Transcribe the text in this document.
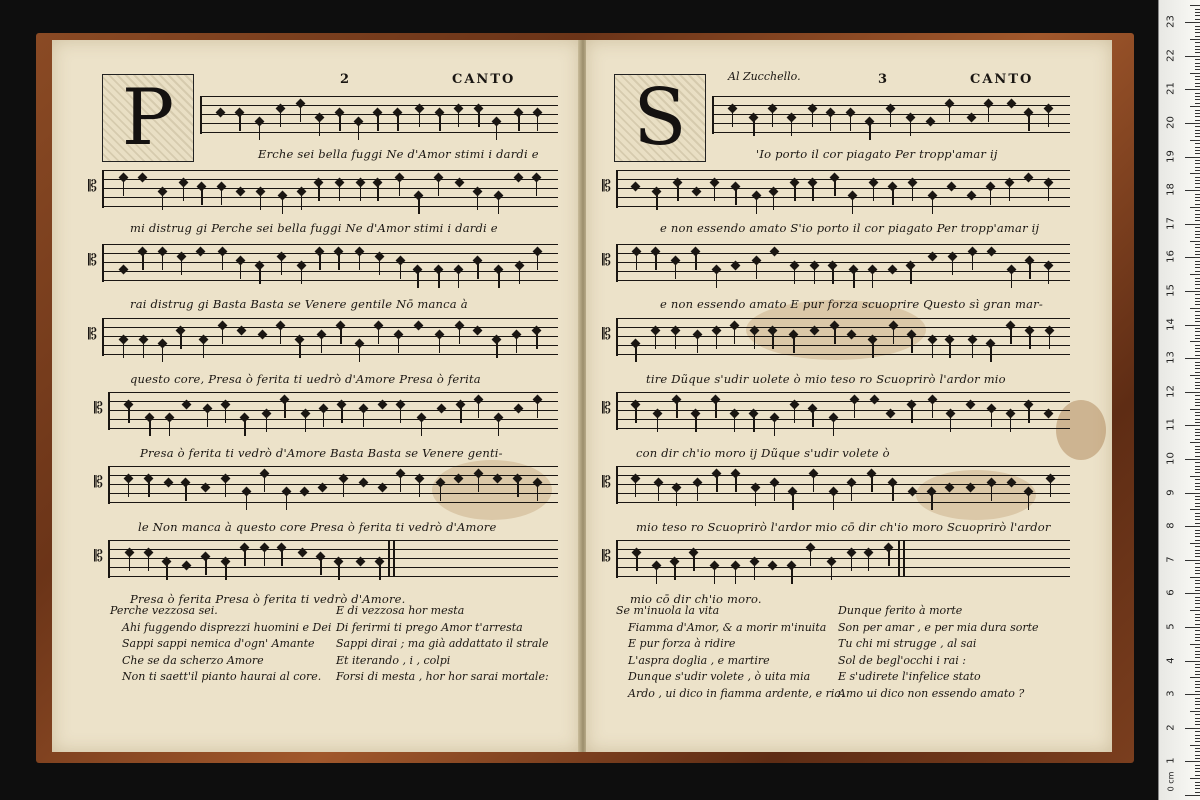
2	CANTO	Al Zucchello.	3	CANTO
P	S
𝄡
𝄡
𝄡
𝄡
𝄡
𝄡
𝄡
𝄡
𝄡
𝄡
𝄡
𝄡
Erche sei bella fuggi Ne d'Amor stimi i dardi e
mi distrug gi Perche sei bella fuggi Ne d'Amor stimi i dardi e
rai distrug gi Basta Basta se Venere gentile Nō manca à
questo core, Presa ò ferita ti uedrò d'Amore Presa ò ferita
Presa ò ferita ti vedrò d'Amore Basta Basta se Venere genti-
le Non manca à questo core Presa ò ferita ti vedrò d'Amore
Presa ò ferita Presa ò ferita ti vedrò d'Amore.
'Io porto il cor piagato Per tropp'amar ij
e non essendo amato S'io porto il cor piagato Per tropp'amar ij
e non essendo amato E pur forza scuoprire Questo sì gran mar-
tire Dũque s'udir uolete ò mio teso ro Scuoprirò l'ardor mio
con dir ch'io moro ij Dũque s'udir volete ò
mio teso ro Scuoprirò l'ardor mio cō dir ch'io moro Scuoprirò l'ardor
mio cō dir ch'io moro.
Perche vezzosa sei.
Ahi fuggendo disprezzi huomini e Dei
Sappi sappi nemica d'ogn' Amante
Che se da scherzo Amore
Non ti saett'il pianto haurai al core.
E di vezzosa hor mesta
Di ferirmi ti prego Amor t'arresta
Sappi dirai ; ma già addattato il strale
Et iterando , i , colpi
Forsi di mesta , hor hor sarai mortale:
Se m'inuola la vita
Fiamma d'Amor, & a morir m'inuita
E pur forza à ridire
L'aspra doglia , e martire
Dunque s'udir volete , ò uita mia
Ardo , ui dico in fiamma ardente, e ria.
Dunque ferito à morte
Son per amar , e per mia dura sorte
Tu chi mi strugge , al sai
Sol de begl'occhi i rai :
E s'udirete l'infelice stato
Amo ui dico non essendo amato ?
0 cm
23
22
21
20
19
18
17
16
15
14
13
12
11
10
9
8
7
6
5
4
3
2
1
